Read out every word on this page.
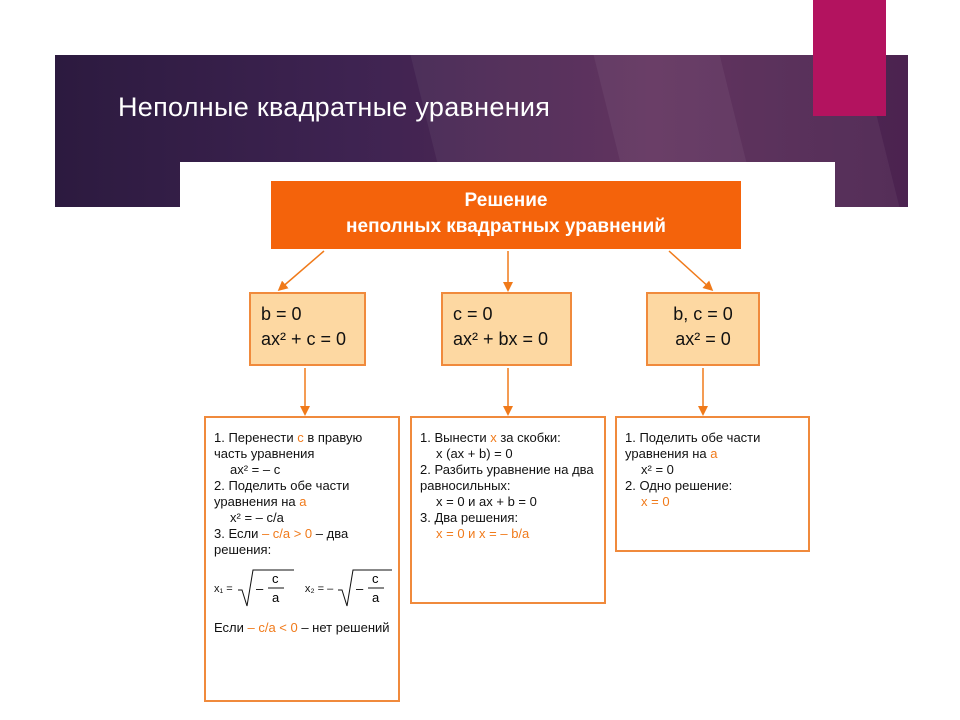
Неполные квадратные уравнения
Решение
неполных квадратных уравнений
b = 0
ax² + c = 0
c = 0
ax² + bx = 0
b, c = 0
ax² = 0

1. Перенести c в правую часть уравнения

ax² = – c

2. Поделить обе части уравнения на a

x² = – c/a

3. Если – c/a > 0 – два решения:

x₁ = –
c
a
x₂ = – –
c
a

Если – c/a < 0 – нет решений

1. Вынести x за скобки:

x (ax + b) = 0

2. Разбить уравнение на два равносильных:

x = 0 и ax + b = 0

3. Два решения:

x = 0 и x = – b/a

1. Поделить обе части уравнения на a

x² = 0

2. Одно решение:

x = 0
